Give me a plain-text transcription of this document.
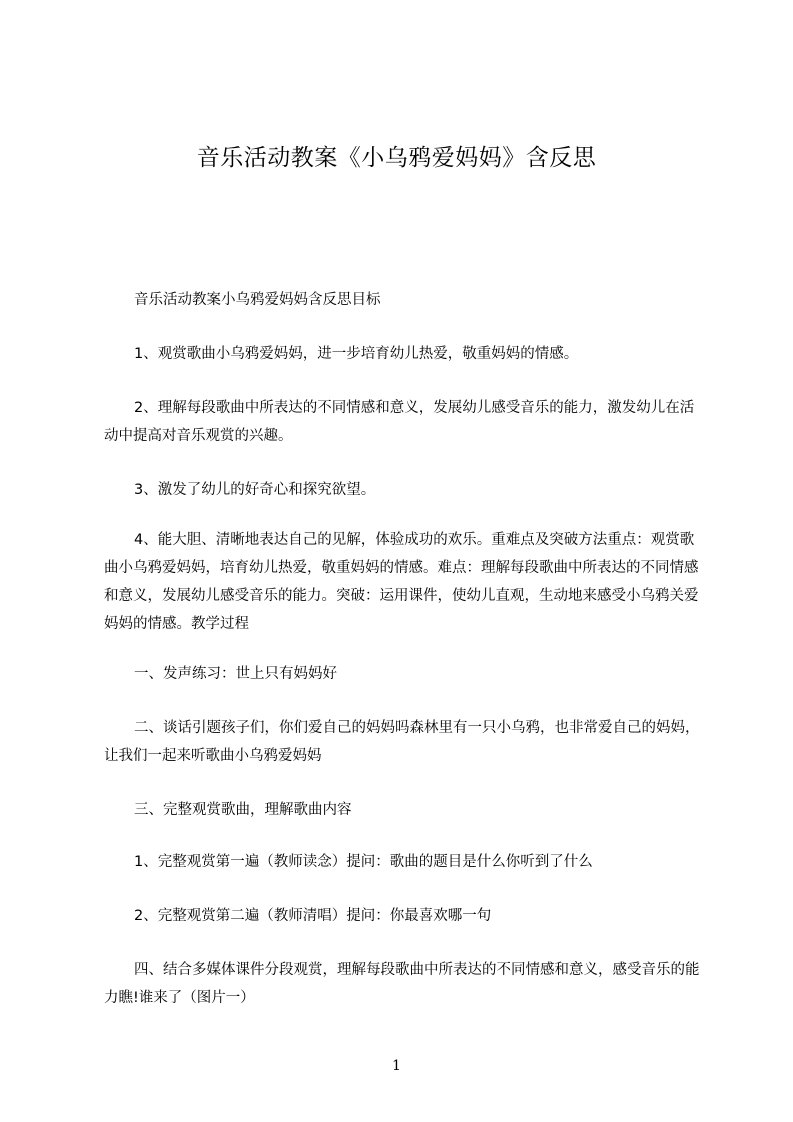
音乐活动教案《小乌鸦爱妈妈》含反思
音乐活动教案小乌鸦爱妈妈含反思目标
1、观赏歌曲小乌鸦爱妈妈，进一步培育幼儿热爱，敬重妈妈的情感。
2、理解每段歌曲中所表达的不同情感和意义，发展幼儿感受音乐的能力，激发幼儿在活动中提高对音乐观赏的兴趣。
3、激发了幼儿的好奇心和探究欲望。
4、能大胆、清晰地表达自己的见解，体验成功的欢乐。重难点及突破方法重点：观赏歌曲小乌鸦爱妈妈，培育幼儿热爱，敬重妈妈的情感。难点：理解每段歌曲中所表达的不同情感和意义，发展幼儿感受音乐的能力。突破：运用课件，使幼儿直观，生动地来感受小乌鸦关爱妈妈的情感。教学过程
一、发声练习：世上只有妈妈好
二、谈话引题孩子们，你们爱自己的妈妈吗森林里有一只小乌鸦，也非常爱自己的妈妈，让我们一起来听歌曲小乌鸦爱妈妈
三、完整观赏歌曲，理解歌曲内容
1、完整观赏第一遍（教师读念）提问：歌曲的题目是什么你听到了什么
2、完整观赏第二遍（教师清唱）提问：你最喜欢哪一句
四、结合多媒体课件分段观赏，理解每段歌曲中所表达的不同情感和意义，感受音乐的能力瞧!谁来了（图片一）
1
